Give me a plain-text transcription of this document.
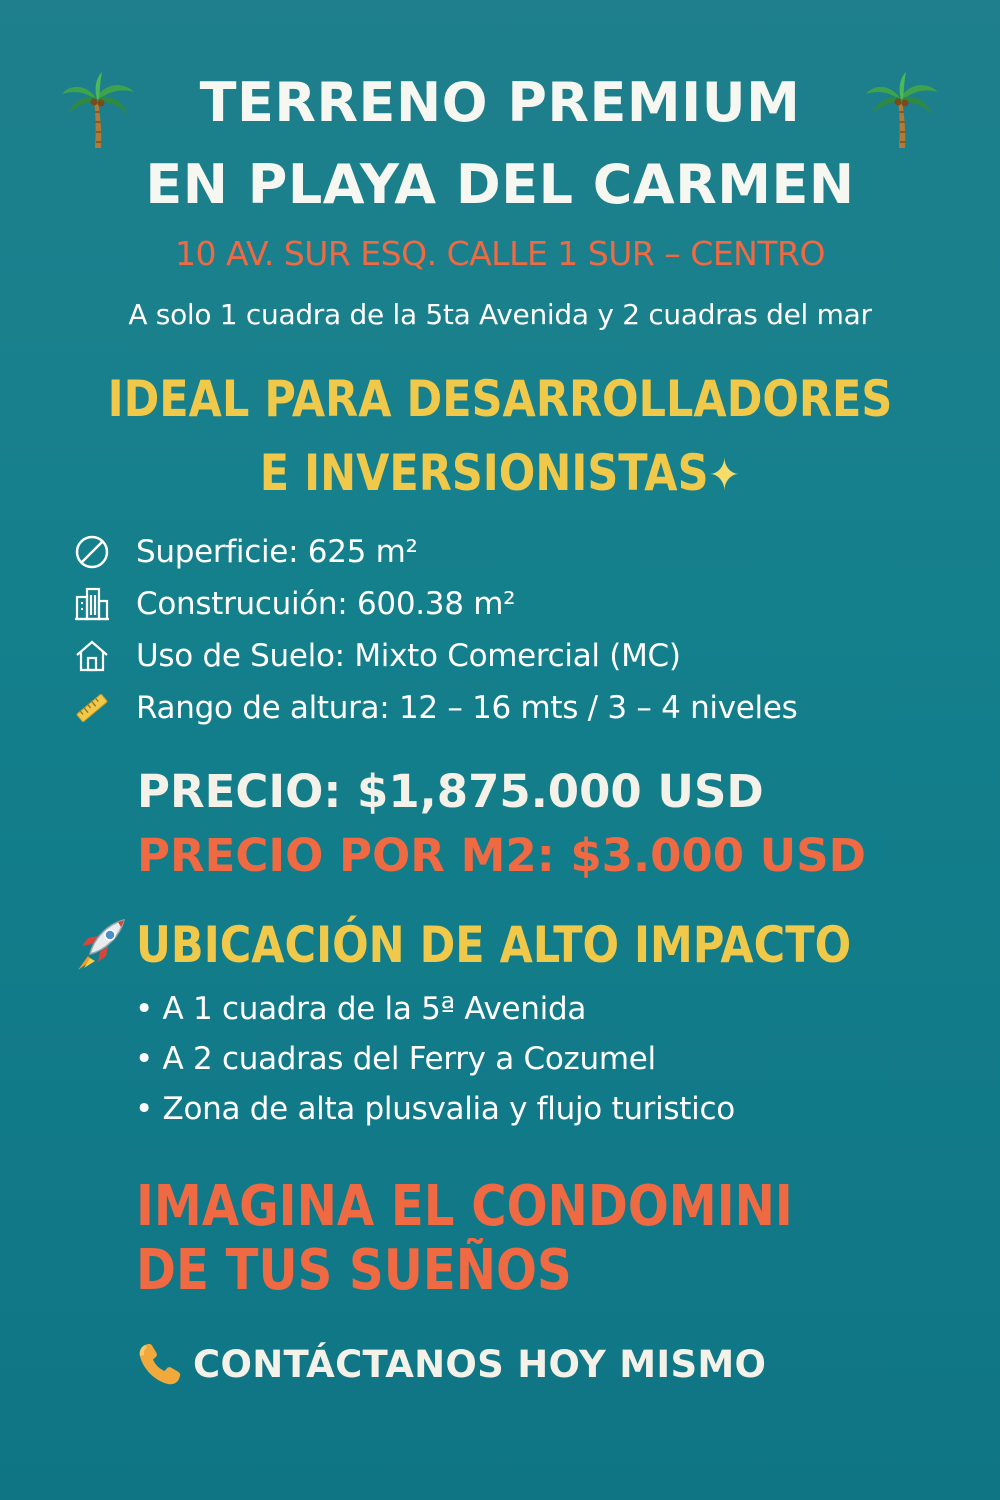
TERRENO PREMIUM
EN PLAYA DEL CARMEN
10 AV. SUR ESQ. CALLE 1 SUR – CENTRO
A solo 1 cuadra de la 5ta Avenida y 2 cuadras del mar
IDEAL PARA DESARROLLADORES
E INVERSIONISTAS✦
Superficie: 625 m²
Construcuión: 600.38 m²
Uso de Suelo: Mixto Comercial (MC)
Rango de altura: 12 – 16 mts / 3 – 4 niveles
PRECIO: $1,875.000 USD
PRECIO POR M2: $3.000 USD
UBICACIÓN DE ALTO IMPACTO
• A 1 cuadra de la 5ª Avenida
• A 2 cuadras del Ferry a Cozumel
• Zona de alta plusvalia y flujo turistico
IMAGINA EL CONDOMINI
DE TUS SUEÑOS
CONTÁCTANOS HOY MISMO
